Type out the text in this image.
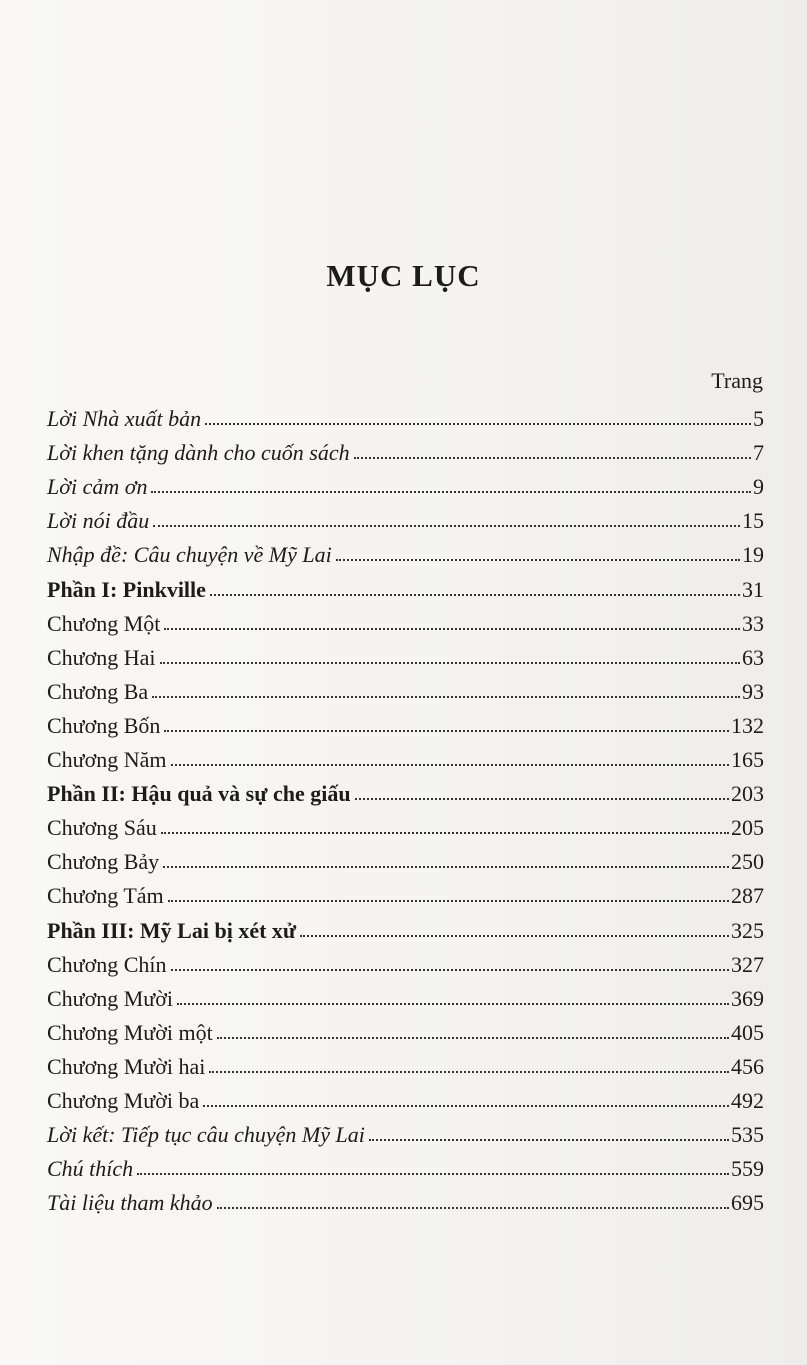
MỤC LỤC
Trang
Lời Nhà xuất bản	5
Lời khen tặng dành cho cuốn sách	7
Lời cảm ơn	9
Lời nói đầu	15
Nhập đề: Câu chuyện về Mỹ Lai	19
Phần I: Pinkville	31
Chương Một	33
Chương Hai	63
Chương Ba	93
Chương Bốn	132
Chương Năm	165
Phần II: Hậu quả và sự che giấu	203
Chương Sáu	205
Chương Bảy	250
Chương Tám	287
Phần III: Mỹ Lai bị xét xử	325
Chương Chín	327
Chương Mười	369
Chương Mười một	405
Chương Mười hai	456
Chương Mười ba	492
Lời kết: Tiếp tục câu chuyện Mỹ Lai	535
Chú thích	559
Tài liệu tham khảo	695
